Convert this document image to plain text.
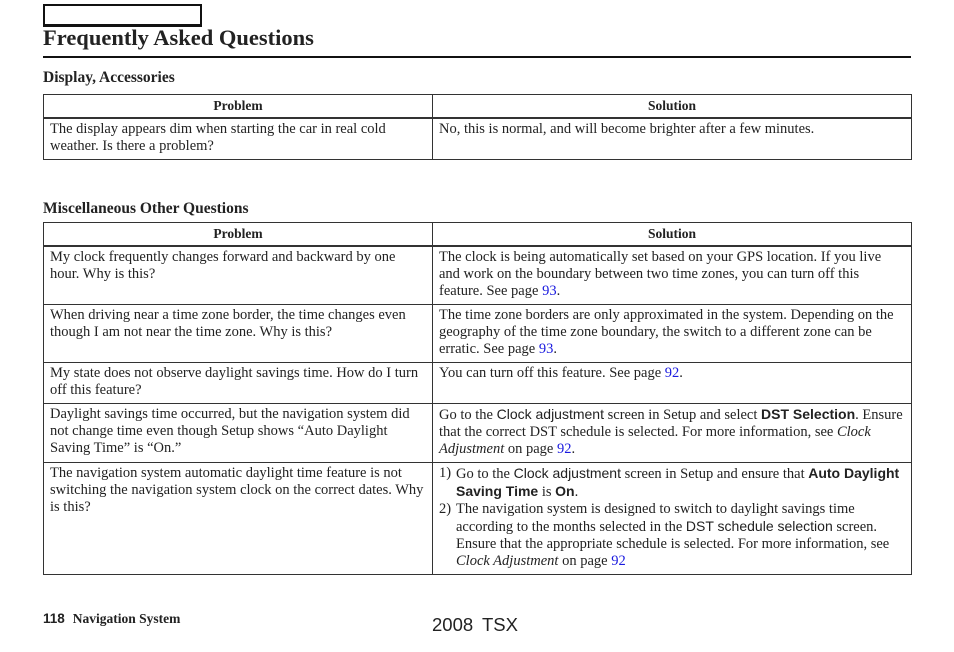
Frequently Asked Questions
Display, Accessories
Problem	Solution
The display appears dim when starting the car in real cold weather. Is there a problem?	No, this is normal, and will become brighter after a few minutes.
Miscellaneous Other Questions
Problem	Solution
My clock frequently changes forward and backward by one hour. Why is this?	The clock is being automatically set based on your GPS location. If you live and work on the boundary between two time zones, you can turn off this feature. See page 93.

When driving near a time zone border, the time changes even though I am not near the time zone. Why is this?	The time zone borders are only approximated in the system. Depending on the geography of the time zone boundary, the switch to a different zone can be erratic. See page 93.

My state does not observe daylight savings time. How do I turn off this feature?	You can turn off this feature. See page 92.

Daylight savings time occurred, but the navigation system did not change time even though Setup shows “Auto Daylight Saving Time” is “On.”	Go to the Clock adjustment screen in Setup and select DST Selection. Ensure that the correct DST schedule is selected. For more information, see Clock Adjustment on page 92.

The navigation system automatic daylight time feature is not switching the navigation system clock on the correct dates. Why is this?	1) Go to the Clock adjustment screen in Setup and ensure that Auto Daylight Saving Time is On.
2) The navigation system is designed to switch to daylight savings time according to the months selected in the DST schedule selection screen. Ensure that the appropriate schedule is selected. For more information, see Clock Adjustment on page 92
118 Navigation System	2008 TSX
